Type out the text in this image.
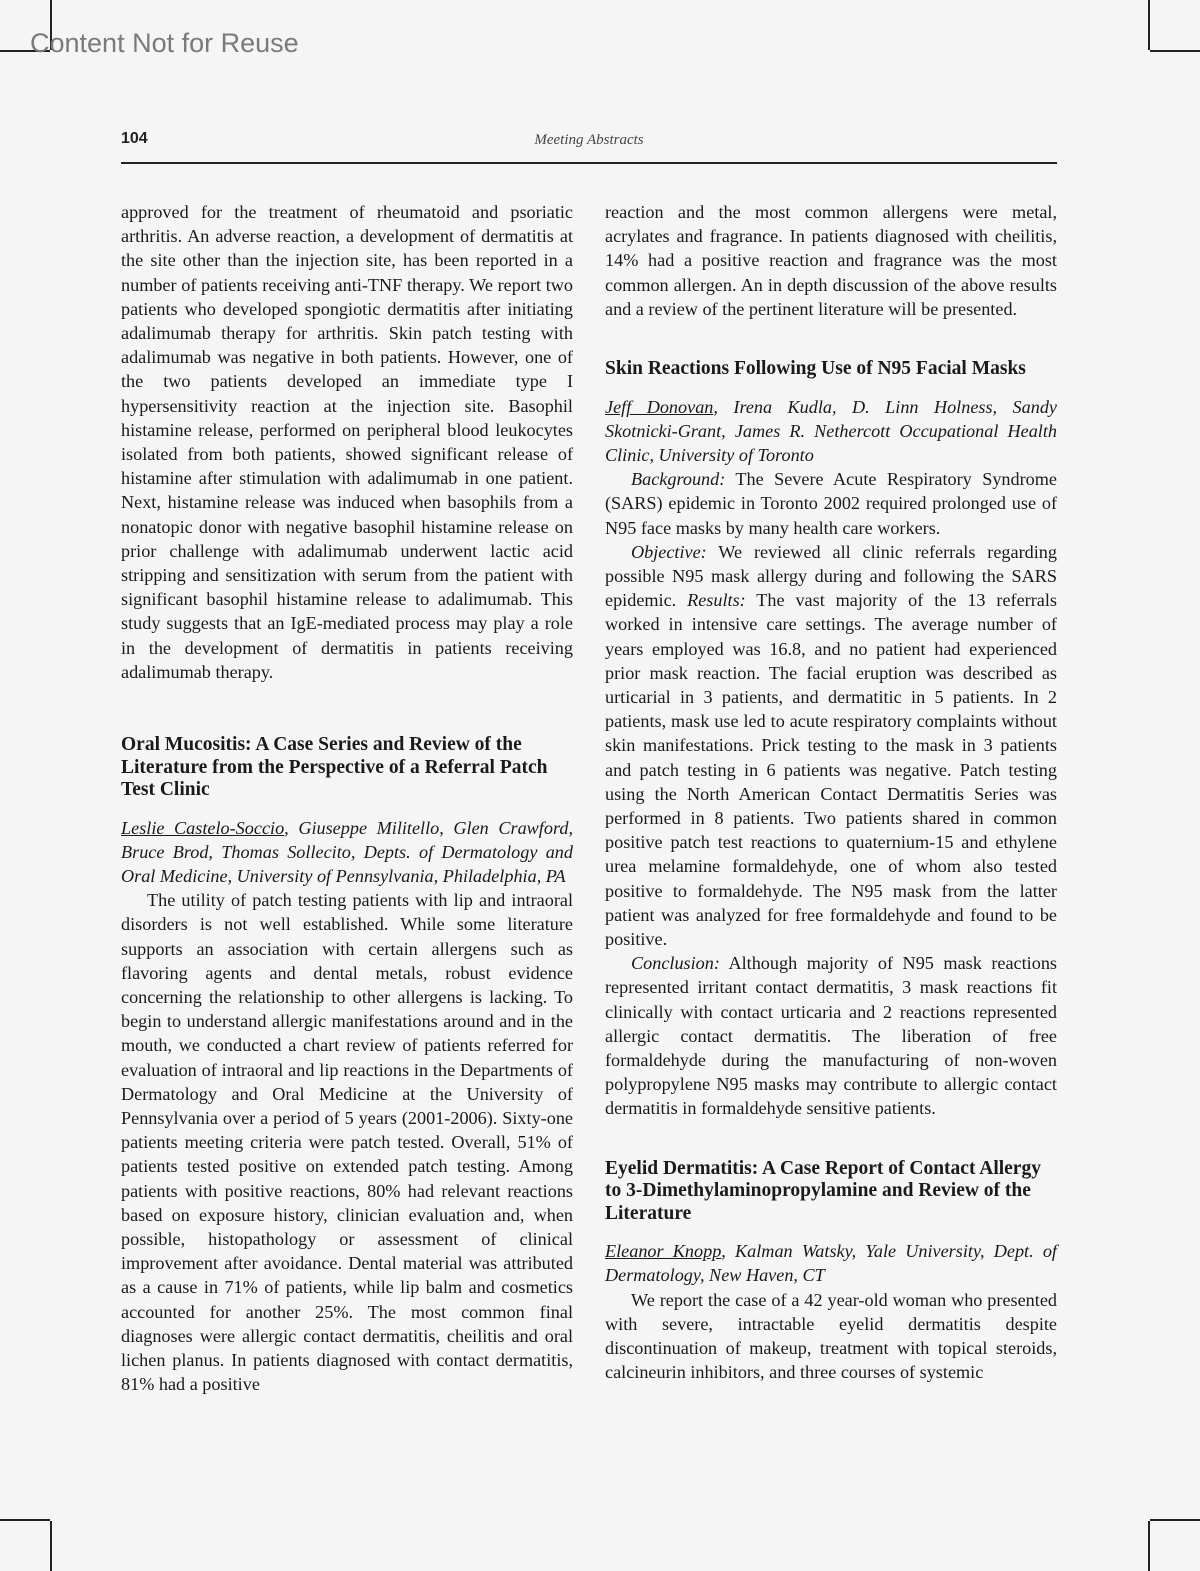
Content Not for Reuse
104	Meeting Abstracts

approved for the treatment of rheumatoid and psoriatic arthritis. An adverse reaction, a development of dermatitis at the site other than the injection site, has been reported in a number of patients receiving anti-TNF therapy. We report two patients who developed spongiotic dermatitis after initiating adalimumab therapy for arthritis. Skin patch testing with adalimumab was negative in both patients. However, one of the two patients developed an immediate type I hypersensitivity reaction at the injection site. Basophil histamine release, performed on peripheral blood leukocytes isolated from both patients, showed significant release of histamine after stimulation with adalimumab in one patient. Next, histamine release was induced when basophils from a nonatopic donor with negative basophil histamine release on prior challenge with adalimumab underwent lactic acid stripping and sensitization with serum from the patient with significant basophil histamine release to adalimumab. This study suggests that an IgE-mediated process may play a role in the development of dermatitis in patients receiving adalimumab therapy.

Oral Mucositis: A Case Series and Review of the Literature from the Perspective of a Referral Patch Test Clinic

Leslie Castelo-Soccio, Giuseppe Militello, Glen Crawford, Bruce Brod, Thomas Sollecito, Depts. of Dermatology and Oral Medicine, University of Pennsylvania, Philadelphia, PA

The utility of patch testing patients with lip and intraoral disorders is not well established. While some literature supports an association with certain allergens such as flavoring agents and dental metals, robust evidence concerning the relationship to other allergens is lacking. To begin to understand allergic manifestations around and in the mouth, we conducted a chart review of patients referred for evaluation of intraoral and lip reactions in the Departments of Dermatology and Oral Medicine at the University of Pennsylvania over a period of 5 years (2001-2006). Sixty-one patients meeting criteria were patch tested. Overall, 51% of patients tested positive on extended patch testing. Among patients with positive reactions, 80% had relevant reactions based on exposure history, clinician evaluation and, when possible, histopathology or assessment of clinical improvement after avoidance. Dental material was attributed as a cause in 71% of patients, while lip balm and cosmetics accounted for another 25%. The most common final diagnoses were allergic contact dermatitis, cheilitis and oral lichen planus. In patients diagnosed with contact dermatitis, 81% had a positive

reaction and the most common allergens were metal, acrylates and fragrance. In patients diagnosed with cheilitis, 14% had a positive reaction and fragrance was the most common allergen. An in depth discussion of the above results and a review of the pertinent literature will be presented.

Skin Reactions Following Use of N95 Facial Masks

Jeff Donovan, Irena Kudla, D. Linn Holness, Sandy Skotnicki-Grant, James R. Nethercott Occupational Health Clinic, University of Toronto

Background: The Severe Acute Respiratory Syndrome (SARS) epidemic in Toronto 2002 required prolonged use of N95 face masks by many health care workers.

Objective: We reviewed all clinic referrals regarding possible N95 mask allergy during and following the SARS epidemic. Results: The vast majority of the 13 referrals worked in intensive care settings. The average number of years employed was 16.8, and no patient had experienced prior mask reaction. The facial eruption was described as urticarial in 3 patients, and dermatitic in 5 patients. In 2 patients, mask use led to acute respiratory complaints without skin manifestations. Prick testing to the mask in 3 patients and patch testing in 6 patients was negative. Patch testing using the North American Contact Dermatitis Series was performed in 8 patients. Two patients shared in common positive patch test reactions to quaternium-15 and ethylene urea melamine formaldehyde, one of whom also tested positive to formaldehyde. The N95 mask from the latter patient was analyzed for free formaldehyde and found to be positive.

Conclusion: Although majority of N95 mask reactions represented irritant contact dermatitis, 3 mask reactions fit clinically with contact urticaria and 2 reactions represented allergic contact dermatitis. The liberation of free formaldehyde during the manufacturing of non-woven polypropylene N95 masks may contribute to allergic contact dermatitis in formaldehyde sensitive patients.

Eyelid Dermatitis: A Case Report of Contact Allergy to 3-Dimethylaminopropylamine and Review of the Literature

Eleanor Knopp, Kalman Watsky, Yale University, Dept. of Dermatology, New Haven, CT

We report the case of a 42 year-old woman who presented with severe, intractable eyelid dermatitis despite discontinuation of makeup, treatment with topical steroids, calcineurin inhibitors, and three courses of systemic
